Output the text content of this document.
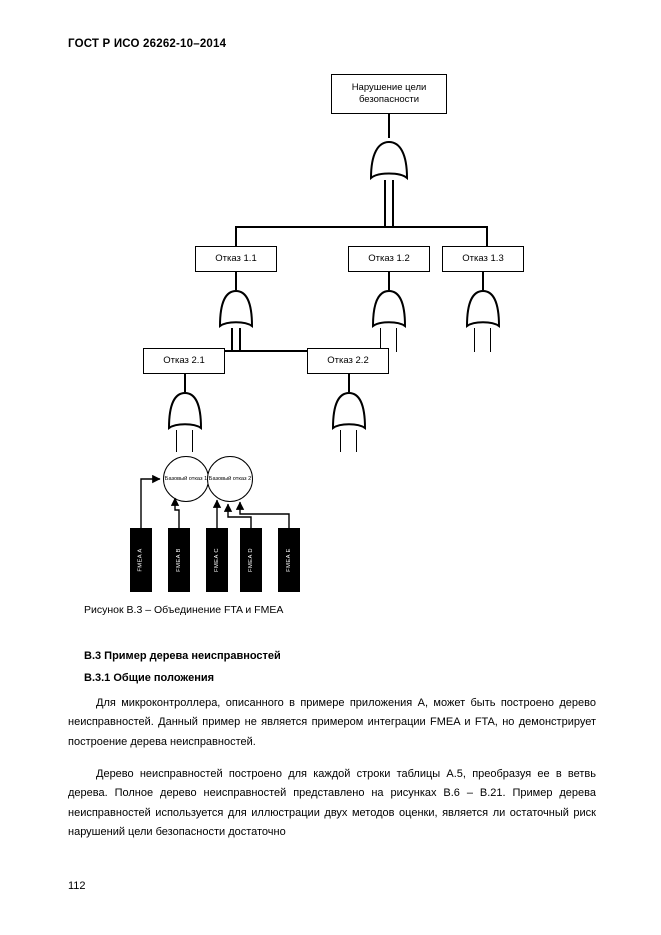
ГОСТ Р ИСО 26262-10–2014
Нарушение цели безопасности
Отказ 1.1	Отказ 1.2	Отказ 1.3
Отказ 2.1	Отказ 2.2
Базовый отказ 1 Базовый отказ 2
FMEA A	FMEA B	FMEA C	FMEA D	FMEA E
Рисунок В.3 – Объединение FTA и FMEA
B.3 Пример дерева неисправностей
B.3.1 Общие положения
Для микроконтроллера, описанного в примере приложения А, может быть построено дерево неисправностей. Данный пример не является примером интеграции FMEA и FTA, но демонстрирует построение дерева неисправностей.
Дерево неисправностей построено для каждой строки таблицы А.5, преобразуя ее в ветвь дерева. Полное дерево неисправностей представлено на рисунках В.6 – В.21. Пример дерева неисправностей используется для иллюстрации двух методов оценки, является ли остаточный риск нарушений цели безопасности достаточно
112
